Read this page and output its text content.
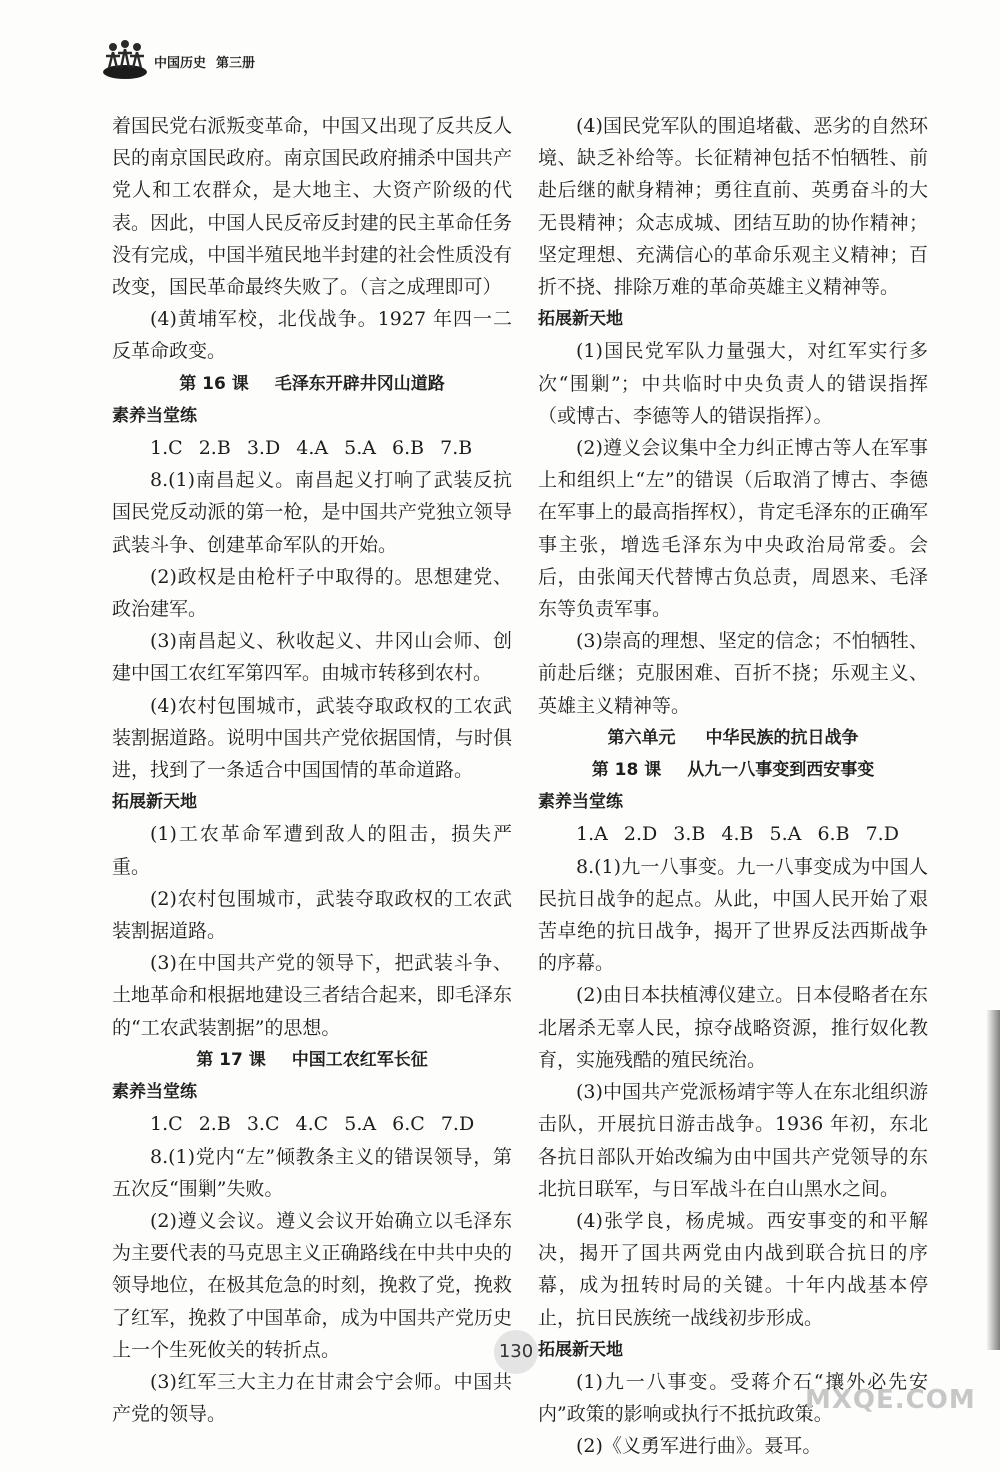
中国历史 第三册

着国民党右派叛变革命，中国又出现了反共反人民的南京国民政府。南京国民政府捕杀中国共产党人和工农群众，是大地主、大资产阶级的代表。因此，中国人民反帝反封建的民主革命任务没有完成，中国半殖民地半封建的社会性质没有改变，国民革命最终失败了。（言之成理即可）

(4)黄埔军校，北伐战争。1927 年四一二反革命政变。

第 16 课 毛泽东开辟井冈山道路

素养当堂练

1.C 2.B 3.D 4.A 5.A 6.B 7.B

8.(1)南昌起义。南昌起义打响了武装反抗国民党反动派的第一枪，是中国共产党独立领导武装斗争、创建革命军队的开始。

(2)政权是由枪杆子中取得的。思想建党、政治建军。

(3)南昌起义、秋收起义、井冈山会师、创建中国工农红军第四军。由城市转移到农村。

(4)农村包围城市，武装夺取政权的工农武装割据道路。说明中国共产党依据国情，与时俱进，找到了一条适合中国国情的革命道路。

拓展新天地

(1)工农革命军遭到敌人的阻击，损失严重。

(2)农村包围城市，武装夺取政权的工农武装割据道路。

(3)在中国共产党的领导下，把武装斗争、土地革命和根据地建设三者结合起来，即毛泽东的“工农武装割据”的思想。

第 17 课 中国工农红军长征

素养当堂练

1.C 2.B 3.C 4.C 5.A 6.C 7.D

8.(1)党内“左”倾教条主义的错误领导，第五次反“围剿”失败。

(2)遵义会议。遵义会议开始确立以毛泽东为主要代表的马克思主义正确路线在中共中央的领导地位，在极其危急的时刻，挽救了党，挽救了红军，挽救了中国革命，成为中国共产党历史上一个生死攸关的转折点。

(3)红军三大主力在甘肃会宁会师。中国共产党的领导。

(4)国民党军队的围追堵截、恶劣的自然环境、缺乏补给等。长征精神包括不怕牺牲、前赴后继的献身精神；勇往直前、英勇奋斗的大无畏精神；众志成城、团结互助的协作精神；坚定理想、充满信心的革命乐观主义精神；百折不挠、排除万难的革命英雄主义精神等。

拓展新天地

(1)国民党军队力量强大，对红军实行多次“围剿”；中共临时中央负责人的错误指挥（或博古、李德等人的错误指挥）。

(2)遵义会议集中全力纠正博古等人在军事上和组织上“左”的错误（后取消了博古、李德在军事上的最高指挥权），肯定毛泽东的正确军事主张，增选毛泽东为中央政治局常委。会后，由张闻天代替博古负总责，周恩来、毛泽东等负责军事。

(3)崇高的理想、坚定的信念；不怕牺牲、前赴后继；克服困难、百折不挠；乐观主义、英雄主义精神等。

第六单元 中华民族的抗日战争

第 18 课 从九一八事变到西安事变

素养当堂练

1.A 2.D 3.B 4.B 5.A 6.B 7.D

8.(1)九一八事变。九一八事变成为中国人民抗日战争的起点。从此，中国人民开始了艰苦卓绝的抗日战争，揭开了世界反法西斯战争的序幕。

(2)由日本扶植溥仪建立。日本侵略者在东北屠杀无辜人民，掠夺战略资源，推行奴化教育，实施残酷的殖民统治。

(3)中国共产党派杨靖宇等人在东北组织游击队，开展抗日游击战争。1936 年初，东北各抗日部队开始改编为由中国共产党领导的东北抗日联军，与日军战斗在白山黑水之间。

(4)张学良，杨虎城。西安事变的和平解决，揭开了国共两党由内战到联合抗日的序幕，成为扭转时局的关键。十年内战基本停止，抗日民族统一战线初步形成。

拓展新天地

(1)九一八事变。受蒋介石“攘外必先安内”政策的影响或执行不抵抗政策。

(2)《义勇军进行曲》。聂耳。

130
MXQE.COM
